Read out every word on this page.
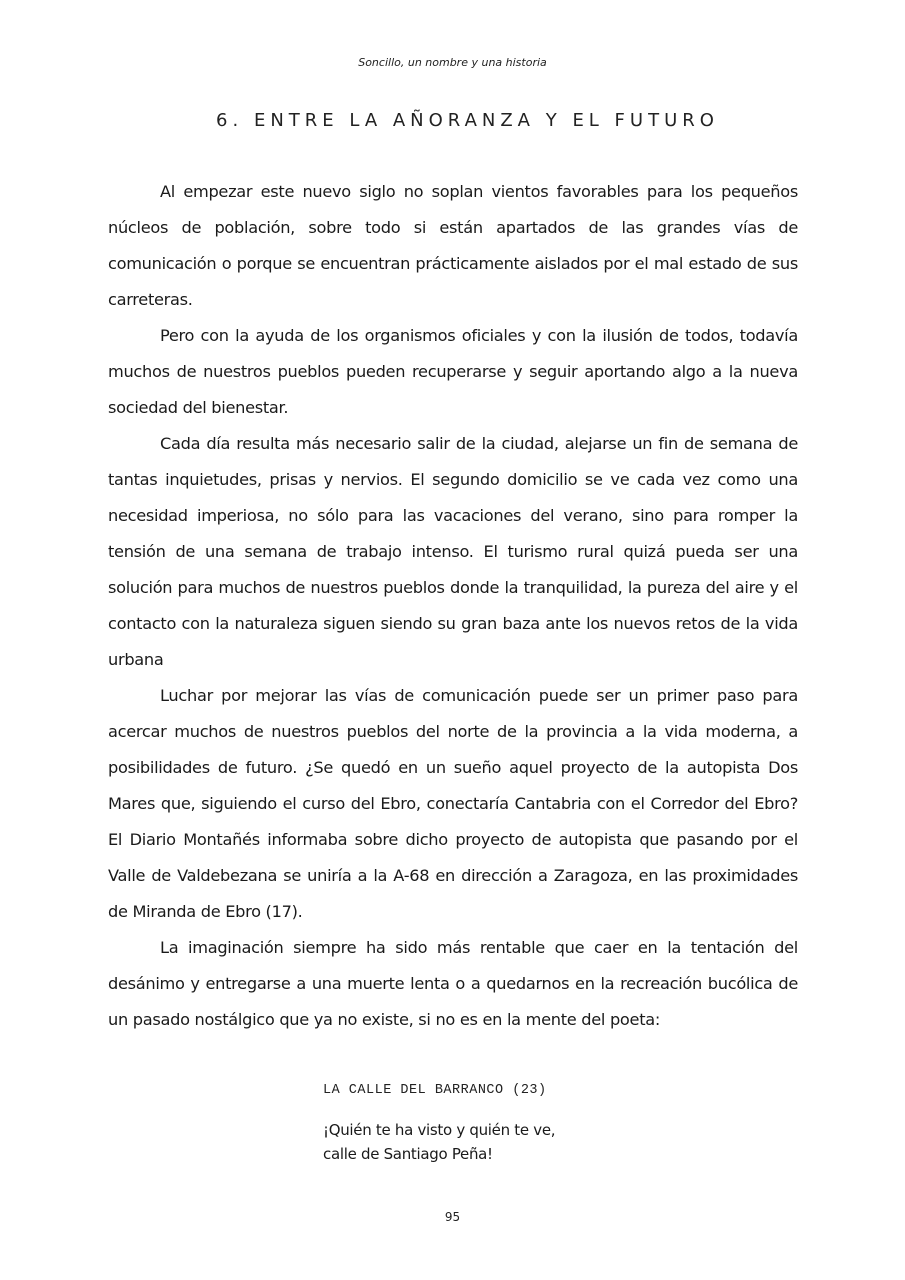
Soncillo, un nombre y una historia
6. ENTRE LA AÑORANZA Y EL FUTURO

Al empezar este nuevo siglo no soplan vientos favorables para los pequeños núcleos de población, sobre todo si están apartados de las grandes vías de comunicación o porque se encuentran prácticamente aislados por el mal estado de sus carreteras.

Pero con la ayuda de los organismos oficiales y con la ilusión de todos, todavía muchos de nuestros pueblos pueden recuperarse y seguir aportando algo a la nueva sociedad del bienestar.

Cada día resulta más necesario salir de la ciudad, alejarse un fin de semana de tantas inquietudes, prisas y nervios. El segundo domicilio se ve cada vez como una necesidad imperiosa, no sólo para las vacaciones del verano, sino para romper la tensión de una semana de trabajo intenso. El turismo rural quizá pueda ser una solución para muchos de nuestros pueblos donde la tranquilidad, la pureza del aire y el contacto con la naturaleza siguen siendo su gran baza ante los nuevos retos de la vida urbana

Luchar por mejorar las vías de comunicación puede ser un primer paso para acercar muchos de nuestros pueblos del norte de la provincia a la vida moderna, a posibilidades de futuro. ¿Se quedó en un sueño aquel proyecto de la autopista Dos Mares que, siguiendo el curso del Ebro, conectaría Cantabria con el Corredor del Ebro? El Diario Montañés informaba sobre dicho proyecto de autopista que pasando por el Valle de Valdebezana se uniría a la A-68 en dirección a Zaragoza, en las proximidades de Miranda de Ebro (17).

La imaginación siempre ha sido más rentable que caer en la tentación del desánimo y entregarse a una muerte lenta o a quedarnos en la recreación bucólica de un pasado nostálgico que ya no existe, si no es en la mente del poeta:

LA CALLE DEL BARRANCO (23)

¡Quién te ha visto y quién te ve,

calle de Santiago Peña!

95
